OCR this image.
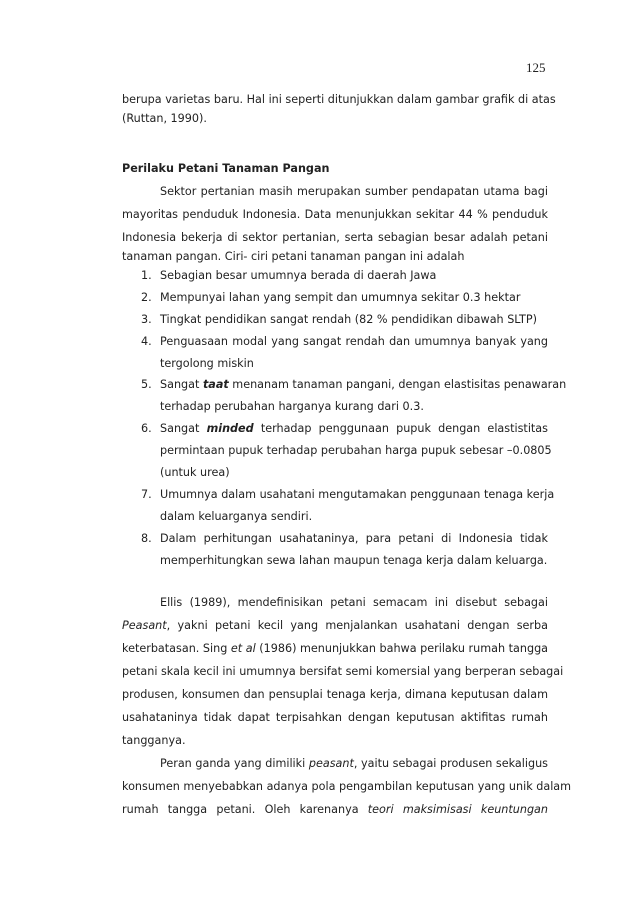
125
berupa varietas baru. Hal ini seperti ditunjukkan dalam gambar grafik di atas
(Ruttan, 1990).
Perilaku Petani Tanaman Pangan
Sektor pertanian masih merupakan sumber pendapatan utama bagi
mayoritas penduduk Indonesia. Data menunjukkan sekitar 44 % penduduk
Indonesia bekerja di sektor pertanian, serta sebagian besar adalah petani
tanaman pangan. Ciri- ciri petani tanaman pangan ini adalah
1. Sebagian besar umumnya berada di daerah Jawa
2. Mempunyai lahan yang sempit dan umumnya sekitar 0.3 hektar
3. Tingkat pendidikan sangat rendah (82 % pendidikan dibawah SLTP)
4. Penguasaan modal yang sangat rendah dan umumnya banyak yang
tergolong miskin
5. Sangat taat menanam tanaman pangani, dengan elastisitas penawaran
terhadap perubahan harganya kurang dari 0.3.
6. Sangat minded terhadap penggunaan pupuk dengan elastistitas
permintaan pupuk terhadap perubahan harga pupuk sebesar –0.0805
(untuk urea)
7. Umumnya dalam usahatani mengutamakan penggunaan tenaga kerja
dalam keluarganya sendiri.
8. Dalam perhitungan usahataninya, para petani di Indonesia tidak
memperhitungkan sewa lahan maupun tenaga kerja dalam keluarga.
Ellis (1989), mendefinisikan petani semacam ini disebut sebagai
Peasant, yakni petani kecil yang menjalankan usahatani dengan serba
keterbatasan. Sing et al (1986) menunjukkan bahwa perilaku rumah tangga
petani skala kecil ini umumnya bersifat semi komersial yang berperan sebagai
produsen, konsumen dan pensuplai tenaga kerja, dimana keputusan dalam
usahataninya tidak dapat terpisahkan dengan keputusan aktifitas rumah
tangganya.
Peran ganda yang dimiliki peasant, yaitu sebagai produsen sekaligus
konsumen menyebabkan adanya pola pengambilan keputusan yang unik dalam
rumah tangga petani. Oleh karenanya teori maksimisasi keuntungan
